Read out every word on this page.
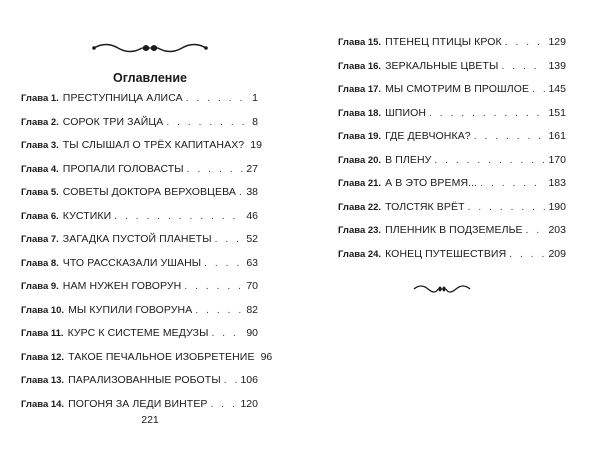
Оглавление
Глава 1. ПРЕСТУПНИЦА АЛИСА . . .	1
Глава 2. СОРОК ТРИ ЗАЙЦА . . .	8
Глава 3. ТЫ СЛЫШАЛ О ТРЁХ КАПИТАНАХ? 19
Глава 4. ПРОПАЛИ ГОЛОВАСТЫ . . .	27
Глава 5. СОВЕТЫ ДОКТОРА ВЕРХОВЦЕВА . . . 38
Глава 6. КУСТИКИ . . .	46
Глава 7. ЗАГАДКА ПУСТОЙ ПЛАНЕТЫ . . .	52
Глава 8. ЧТО РАССКАЗАЛИ УШАНЫ . . .	63
Глава 9. НАМ НУЖЕН ГОВОРУН . . .	70
Глава 10. МЫ КУПИЛИ ГОВОРУНА . . .	82
Глава 11. КУРС К СИСТЕМЕ МЕДУЗЫ . . .	90
Глава 12. ТАКОЕ ПЕЧАЛЬНОЕ ИЗОБРЕТЕНИЕ 96
Глава 13. ПАРАЛИЗОВАННЫЕ РОБОТЫ . . . 106
Глава 14. ПОГОНЯ ЗА ЛЕДИ ВИНТЕР . . .	120
221
Глава 15. ПТЕНЕЦ ПТИЦЫ КРОК . . .	129
Глава 16. ЗЕРКАЛЬНЫЕ ЦВЕТЫ . . .	139
Глава 17. МЫ СМОТРИМ В ПРОШЛОЕ . . . 145
Глава 18. ШПИОН . . .	151
Глава 19. ГДЕ ДЕВЧОНКА? . . .	161
Глава 20. В ПЛЕНУ . . .	170
Глава 21. А В ЭТО ВРЕМЯ... . . .	183
Глава 22. ТОЛСТЯК ВРЁТ . . .	190
Глава 23. ПЛЕННИК В ПОДЗЕМЕЛЬЕ . . . 203
Глава 24. КОНЕЦ ПУТЕШЕСТВИЯ . . .	209
